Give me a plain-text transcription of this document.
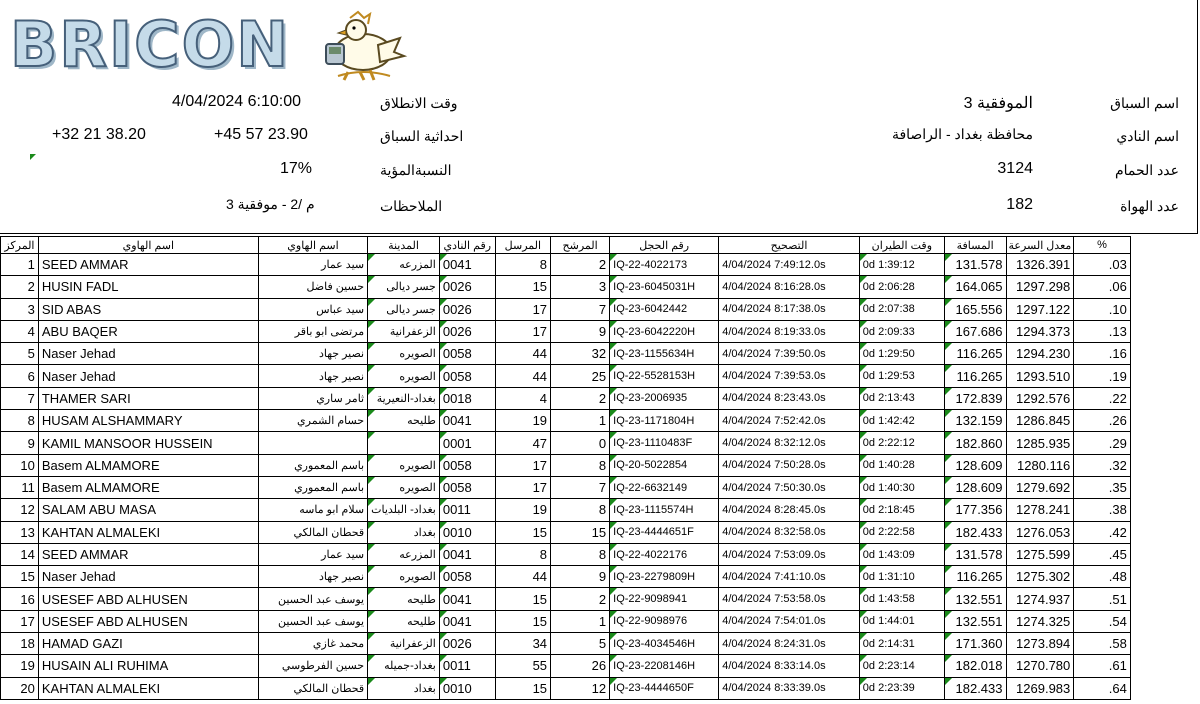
BRICON
اسم السباق
الموفقية 3
اسم النادي
محافظة بغداد - الراصافة
عدد الحمام
3124
عدد الهواة
182
وقت الانطلاق
4/04/2024 6:10:00
احداثية السباق
+45 57 23.90
+32 21 38.20
النسبةالمؤية
17%
الملاحظات
م /2 - موفقية 3
المركز	اسم الهاوي	اسم الهاوي	المدينة	رقم النادي	المرسل	المرشح	رقم الحجل	التصحيح	وقت الطيران	المسافة	معدل السرعة	%	
1	SEED AMMAR	سيد عمار	المزرعه	0041	8	2	IQ-22-4022173	4/04/2024 7:49:12.0s	0d 1:39:12	131.578	1326.391	.03	
2	HUSIN FADL	حسين فاضل	جسر ديالى	0026	15	3	IQ-23-6045031H	4/04/2024 8:16:28.0s	0d 2:06:28	164.065	1297.298	.06	
3	SID ABAS	سيد عباس	جسر ديالى	0026	17	7	IQ-23-6042442	4/04/2024 8:17:38.0s	0d 2:07:38	165.556	1297.122	.10	
4	ABU BAQER	مرتضى ابو باقر	الزعفرانية	0026	17	9	IQ-23-6042220H	4/04/2024 8:19:33.0s	0d 2:09:33	167.686	1294.373	.13	
5	Naser Jehad	نصير جهاد	الصويره	0058	44	32	IQ-23-1155634H	4/04/2024 7:39:50.0s	0d 1:29:50	116.265	1294.230	.16	
6	Naser Jehad	نصير جهاد	الصويره	0058	44	25	IQ-22-5528153H	4/04/2024 7:39:53.0s	0d 1:29:53	116.265	1293.510	.19	
7	THAMER SARI	ثامر ساري	بغداد-النعيرية	0018	4	2	IQ-23-2006935	4/04/2024 8:23:43.0s	0d 2:13:43	172.839	1292.576	.22	
8	HUSAM ALSHAMMARY	حسام الشمري	طليحه	0041	19	1	IQ-23-1171804H	4/04/2024 7:52:42.0s	0d 1:42:42	132.159	1286.845	.26	
9	KAMIL MANSOOR HUSSEIN			0001	47	0	IQ-23-1110483F	4/04/2024 8:32:12.0s	0d 2:22:12	182.860	1285.935	.29	
10	Basem ALMAMORE	باسم المعموري	الصويره	0058	17	8	IQ-20-5022854	4/04/2024 7:50:28.0s	0d 1:40:28	128.609	1280.116	.32	
11	Basem ALMAMORE	باسم المعموري	الصويره	0058	17	7	IQ-22-6632149	4/04/2024 7:50:30.0s	0d 1:40:30	128.609	1279.692	.35	
12	SALAM ABU MASA	سلام ابو ماسه	بغداد- البلديات	0011	19	8	IQ-23-1115574H	4/04/2024 8:28:45.0s	0d 2:18:45	177.356	1278.241	.38	
13	KAHTAN ALMALEKI	قحطان المالكي	بغداد	0010	15	15	IQ-23-4444651F	4/04/2024 8:32:58.0s	0d 2:22:58	182.433	1276.053	.42	
14	SEED AMMAR	سيد عمار	المزرعه	0041	8	8	IQ-22-4022176	4/04/2024 7:53:09.0s	0d 1:43:09	131.578	1275.599	.45	
15	Naser Jehad	نصير جهاد	الصويره	0058	44	9	IQ-23-2279809H	4/04/2024 7:41:10.0s	0d 1:31:10	116.265	1275.302	.48	
16	USESEF ABD ALHUSEN	يوسف عبد الحسين	طليحه	0041	15	2	IQ-22-9098941	4/04/2024 7:53:58.0s	0d 1:43:58	132.551	1274.937	.51	
17	USESEF ABD ALHUSEN	يوسف عبد الحسين	طليحه	0041	15	1	IQ-22-9098976	4/04/2024 7:54:01.0s	0d 1:44:01	132.551	1274.325	.54	
18	HAMAD GAZI	محمد غازي	الزعفرانية	0026	34	5	IQ-23-4034546H	4/04/2024 8:24:31.0s	0d 2:14:31	171.360	1273.894	.58	
19	HUSAIN ALI RUHIMA	حسين الفرطوسي	بغداد-جميله	0011	55	26	IQ-23-2208146H	4/04/2024 8:33:14.0s	0d 2:23:14	182.018	1270.780	.61	
20	KAHTAN ALMALEKI	قحطان المالكي	بغداد	0010	15	12	IQ-23-4444650F	4/04/2024 8:33:39.0s	0d 2:23:39	182.433	1269.983	.64	
